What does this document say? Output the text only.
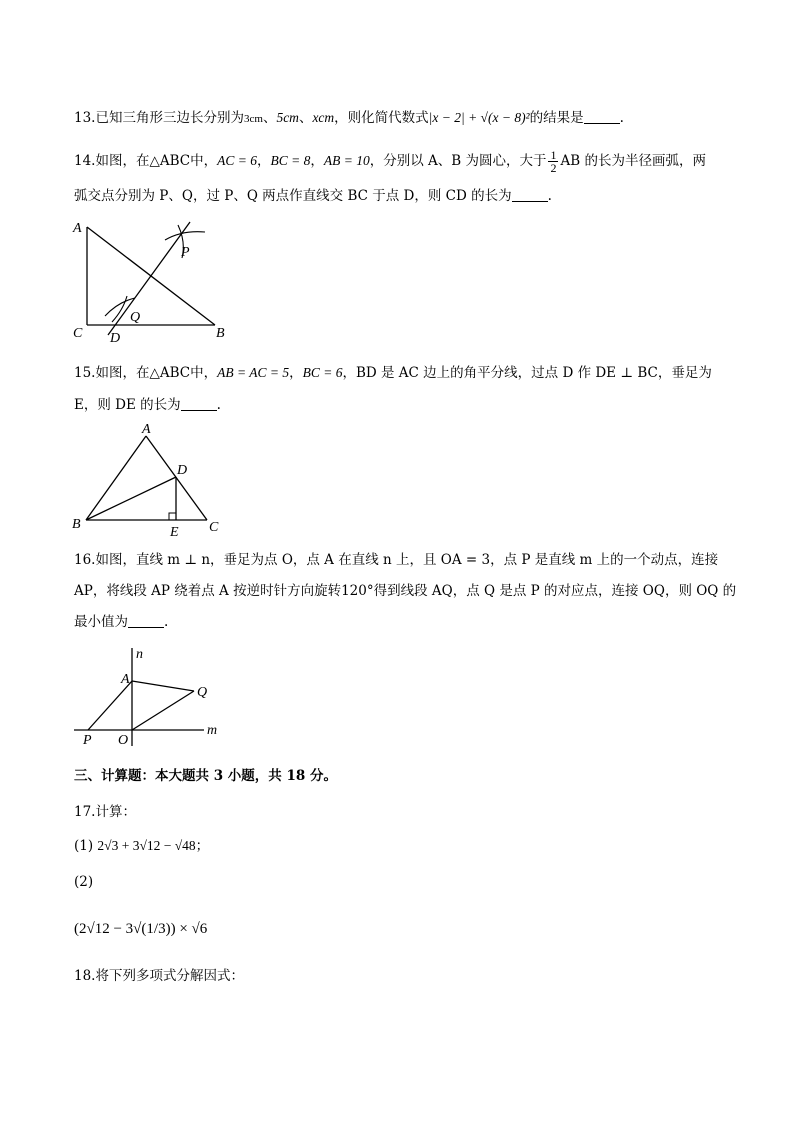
13.已知三角形三边长分别为3cm、5cm、xcm，则化简代数式|x − 2| + √(x − 8)²的结果是	.
14.如图，在△ABC中，AC = 6，BC = 8，AB = 10，分别以 A、B 为圆心，大于 $\frac{1}{2}$ AB 的长为半径画弧，两
弧交点分别为 P、Q，过 P、Q 两点作直线交 BC 于点 D，则 CD 的长为	.
A
B
C D
P
Q
A
B	C
D
E
n
m
A
O
P
Q
15.如图，在△ABC中，AB = AC = 5，BC = 6，BD 是 AC 边上的角平分线，过点 D 作 DE ⊥ BC，垂足为
E，则 DE 的长为	.
16.如图，直线 m ⊥ n，垂足为点 O，点 A 在直线 n 上，且 OA = 3，点 P 是直线 m 上的一个动点，连接
AP，将线段 AP 绕着点 A 按逆时针方向旋转120°得到线段 AQ，点 Q 是点 P 的对应点，连接 OQ，则 OQ 的
最小值为	.
三、计算题：本大题共 3 小题，共 18 分。
17.计算：
(1) 2√3 + 3√12 − √48；
(2)
(2√12 − 3√(1/3)) × √6
18.将下列多项式分解因式：
